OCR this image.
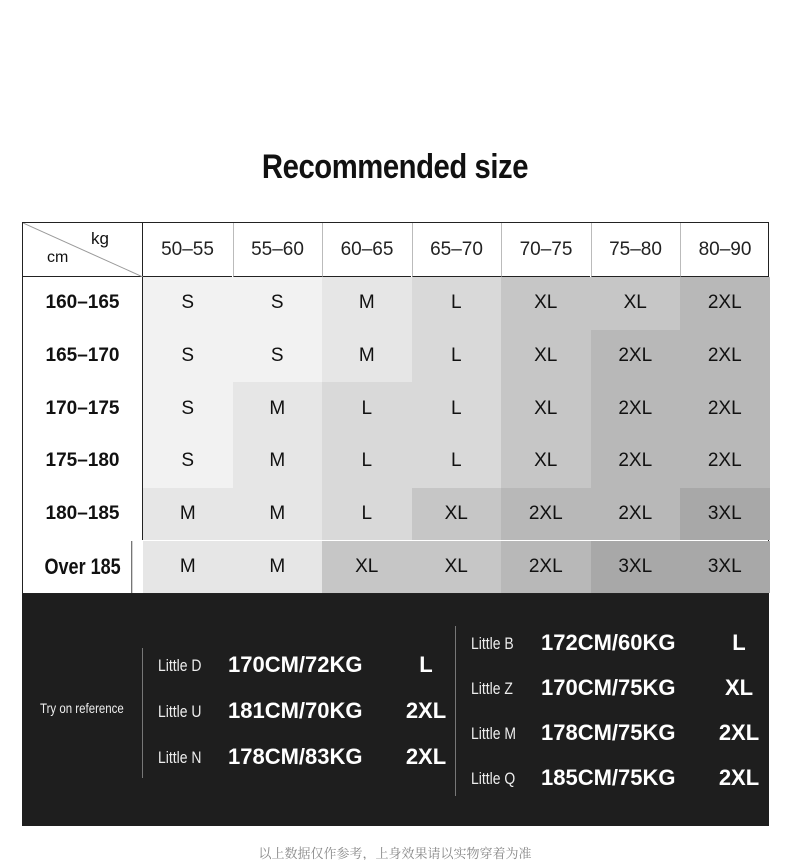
Recommended size
kg
cm	50–55	55–60	60–65	65–70	70–75	75–80	80–90
160–165	S	S	M	L	XL	XL	2XL
165–170	S	S	M	L	XL	2XL	2XL
170–175	S	M	L	L	XL	2XL	2XL
175–180	S	M	L	L	XL	2XL	2XL
180–185	M	M	L	XL	2XL	2XL	3XL
Over 185	M	M	XL	XL	2XL	3XL	3XL
Try on reference
Little D 170CM/72KG	L
Little U 181CM/70KG	2XL
Little N 178CM/83KG	2XL
Little B 172CM/60KG	L
Little Z 170CM/75KG	XL
Little M 178CM/75KG	2XL
Little Q 185CM/75KG	2XL
以上数据仅作参考，上身效果请以实物穿着为准
